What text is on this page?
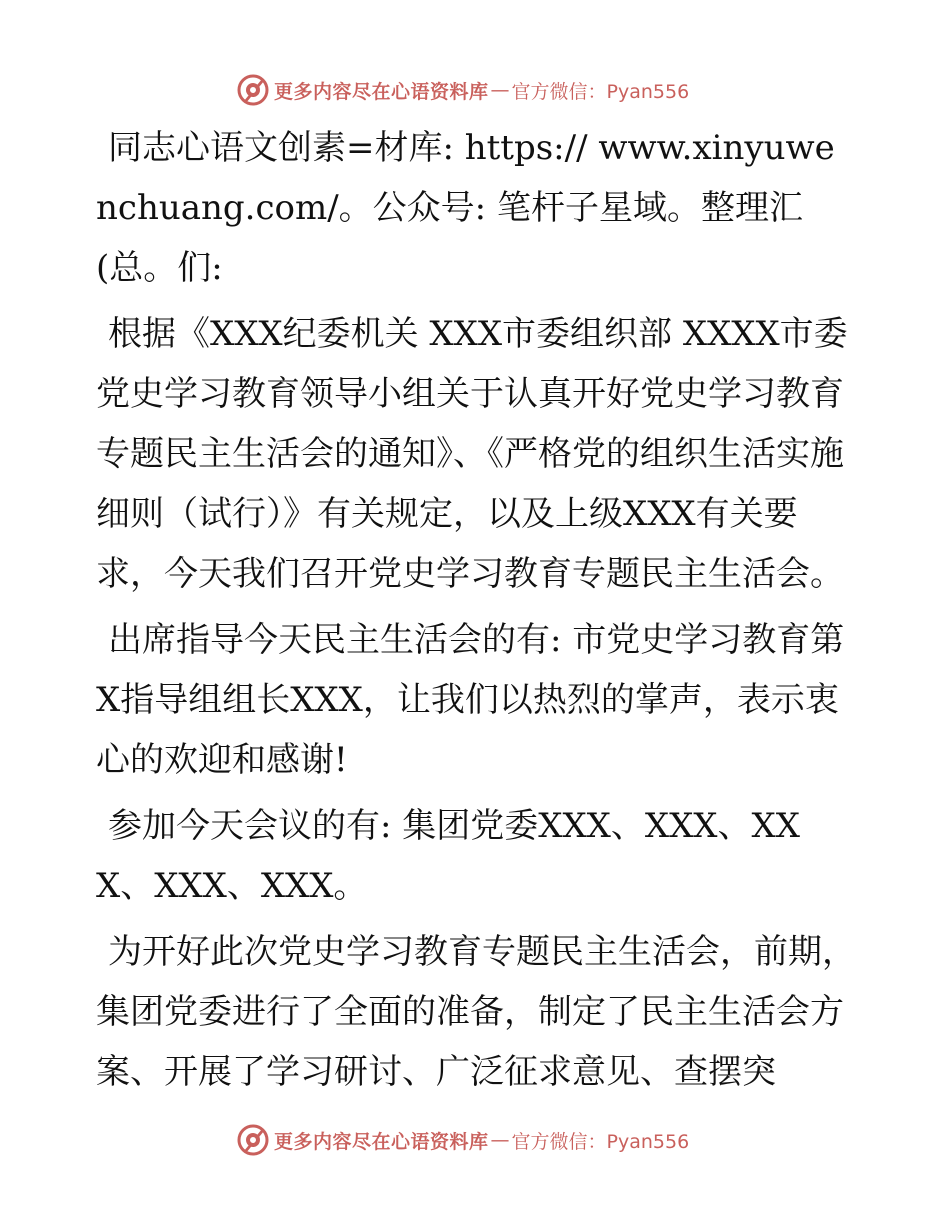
更多内容尽在心语资料库 — 官方微信：Pyan556

同志心语文创素=材库: https:// www.xinyuwenchuang.com/。公众号: 笔杆子星域。整理汇(总。们:

根据《XXX纪委机关 XXX市委组织部 XXXX市委党史学习教育领导小组关于认真开好党史学习教育专题民主生活会的通知》、《严格党的组织生活实施细则（试行）》有关规定，以及上级XXX有关要求，今天我们召开党史学习教育专题民主生活会。

出席指导今天民主生活会的有: 市党史学习教育第X指导组组长XXX，让我们以热烈的掌声，表示衷心的欢迎和感谢!

参加今天会议的有: 集团党委XXX、XXX、XXX、XXX、XXX。

为开好此次党史学习教育专题民主生活会，前期，集团党委进行了全面的准备，制定了民主生活会方案、开展了学习研讨、广泛征求意见、查摆突

更多内容尽在心语资料库 — 官方微信：Pyan556
